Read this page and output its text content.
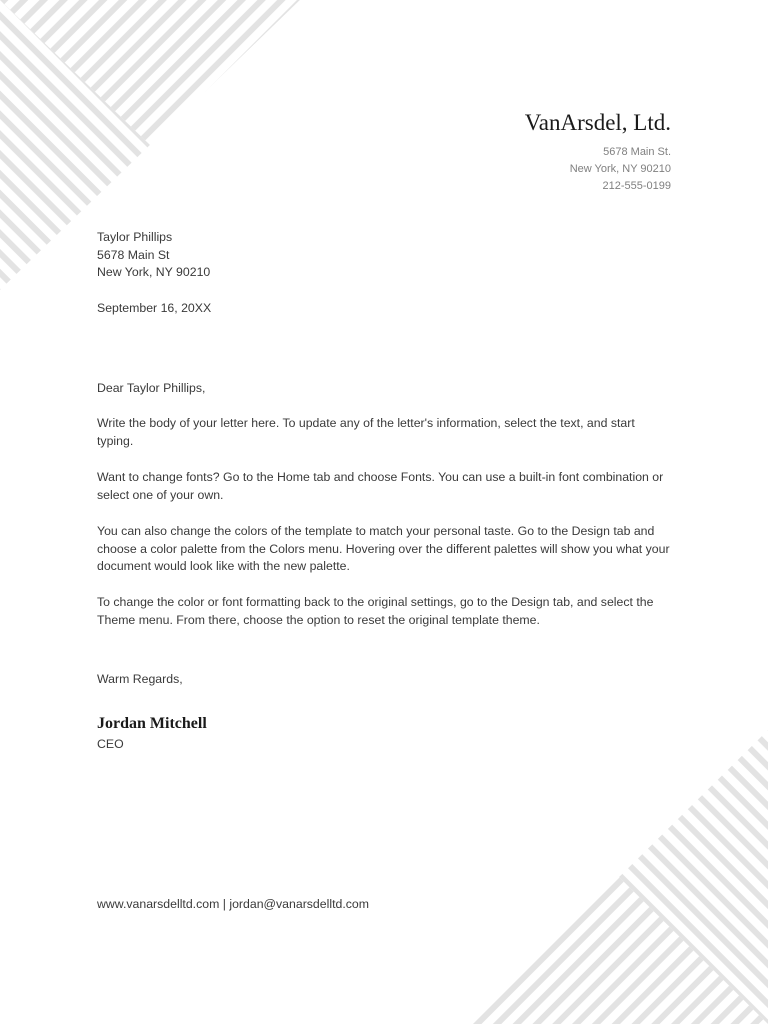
VanArsdel, Ltd.
5678 Main St.
New York, NY 90210
212-555-0199
Taylor Phillips
5678 Main St
New York, NY 90210
September 16, 20XX
Dear Taylor Phillips,
Write the body of your letter here. To update any of the letter's information, select the text, and start typing.
Want to change fonts? Go to the Home tab and choose Fonts. You can use a built-in font combination or select one of your own.
You can also change the colors of the template to match your personal taste. Go to the Design tab and choose a color palette from the Colors menu. Hovering over the different palettes will show you what your document would look like with the new palette.
To change the color or font formatting back to the original settings, go to the Design tab, and select the Theme menu. From there, choose the option to reset the original template theme.
Warm Regards,
Jordan Mitchell
CEO
www.vanarsdelltd.com | jordan@vanarsdelltd.com
